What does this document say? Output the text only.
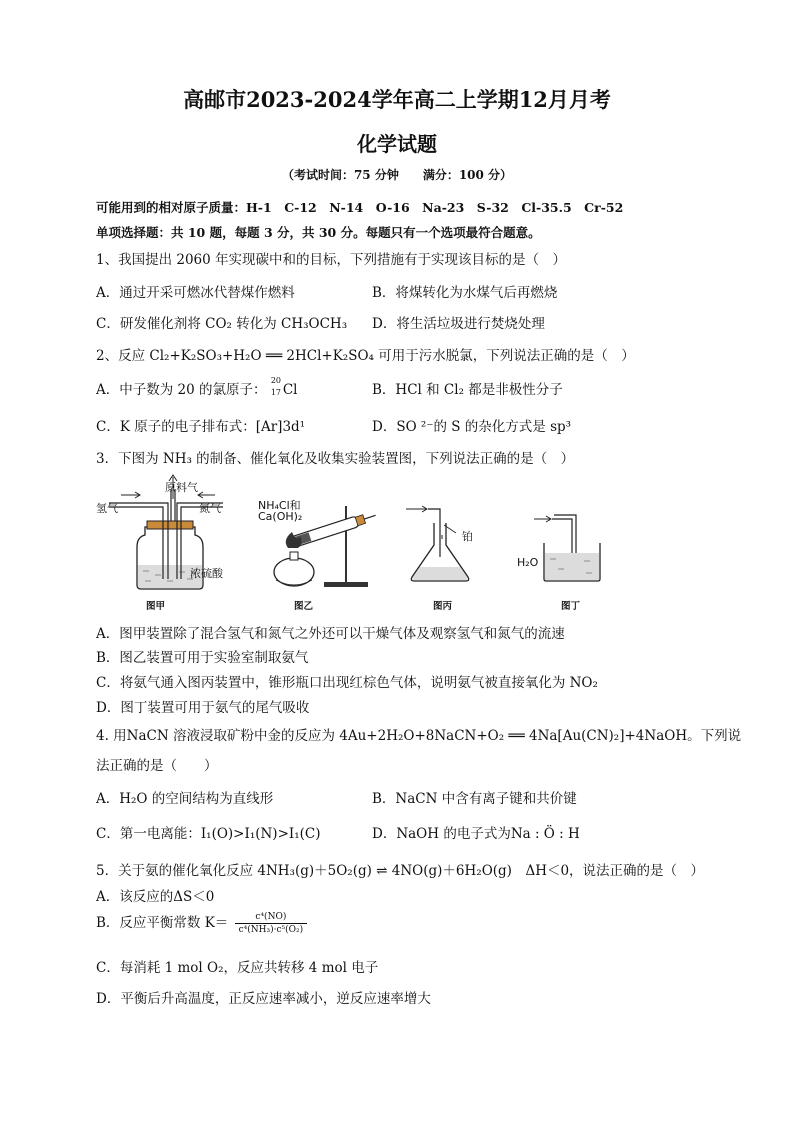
高邮市2023-2024学年高二上学期12月月考
化学试题
（考试时间：75 分钟　　满分：100 分）
可能用到的相对原子质量：H-1　C-12　N-14　O-16　Na-23　S-32　Cl-35.5　Cr-52
单项选择题：共 10 题，每题 3 分，共 30 分。每题只有一个选项最符合题意。
1、我国提出 2060 年实现碳中和的目标，下列措施有于实现该目标的是（　）
A．通过开采可燃冰代替煤作燃料	B．将煤转化为水煤气后再燃烧
C．研发催化剂将 CO₂ 转化为 CH₃OCH₃ D．将生活垃圾进行焚烧处理
2、反应 Cl₂+K₂SO₃+H₂O ══ 2HCl+K₂SO₄ 可用于污水脱氯，下列说法正确的是（　）
A．中子数为 20 的氯原子：
20
17 Cl	B．HCl 和 Cl₂ 都是非极性分子
C．K 原子的电子排布式：[Ar]3d¹	D．SO ²⁻的 S 的杂化方式是 sp³
3．下图为 NH₃ 的制备、催化氧化及收集实验装置图，下列说法正确的是（　）
原料气
氢气	氮气
浓硫酸
图甲
NH₄Cl和
Ca(OH)₂
图乙
铂
图丙
H₂O
图丁
A．图甲装置除了混合氢气和氮气之外还可以干燥气体及观察氢气和氮气的流速
B．图乙装置可用于实验室制取氨气
C．将氨气通入图丙装置中，锥形瓶口出现红棕色气体，说明氨气被直接氧化为 NO₂
D．图丁装置可用于氨气的尾气吸收
4. 用NaCN 溶液浸取矿粉中金的反应为 4Au+2H₂O+8NaCN+O₂ ══ 4Na[Au(CN)₂]+4NaOH。下列说
法正确的是（　　）
A．H₂O 的空间结构为直线形	B．NaCN 中含有离子键和共价键
C．第一电离能：I₁(O)>I₁(N)>I₁(C)	D．NaOH 的电子式为Na : Ö : H
5．关于氨的催化氧化反应 4NH₃(g)＋5O₂(g) ⇌ 4NO(g)＋6H₂O(g)　ΔH＜0，说法正确的是（　）
A．该反应的ΔS＜0
B．反应平衡常数 $K= \frac{\text{c⁴(NO)}}{\text{c⁴(NH₃)·c⁵(O₂)}}$
C．每消耗 1 mol O₂，反应共转移 4 mol 电子
D．平衡后升高温度，正反应速率减小，逆反应速率增大
